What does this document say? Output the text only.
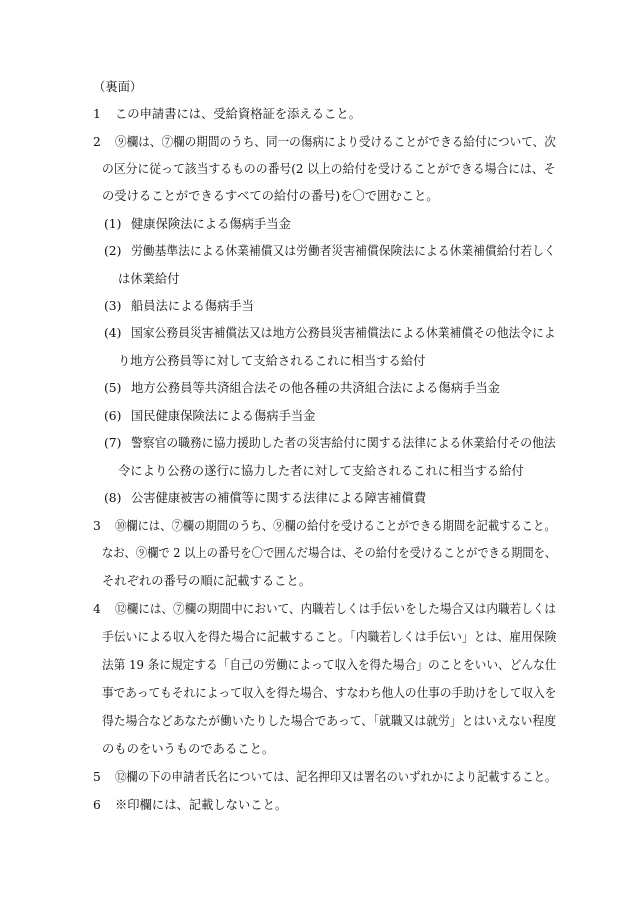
（裏面）
1 この申請書には、受給資格証を添えること。
2 ⑨欄は、⑦欄の期間のうち、同一の傷病により受けることができる給付について、次
の区分に従って該当するものの番号(2 以上の給付を受けることができる場合には、そ
の受けることができるすべての給付の番号)を〇で囲むこと。
(1) 健康保険法による傷病手当金
(2) 労働基準法による休業補償又は労働者災害補償保険法による休業補償給付若しく
は休業給付
(3) 船員法による傷病手当
(4) 国家公務員災害補償法又は地方公務員災害補償法による休業補償その他法令によ
り地方公務員等に対して支給されるこれに相当する給付
(5) 地方公務員等共済組合法その他各種の共済組合法による傷病手当金
(6) 国民健康保険法による傷病手当金
(7) 警察官の職務に協力援助した者の災害給付に関する法律による休業給付その他法
令により公務の遂行に協力した者に対して支給されるこれに相当する給付
(8) 公害健康被害の補償等に関する法律による障害補償費
3 ⑩欄には、⑦欄の期間のうち、⑨欄の給付を受けることができる期間を記載すること。
なお、⑨欄で 2 以上の番号を〇で囲んだ場合は、その給付を受けることができる期間を、
それぞれの番号の順に記載すること。
4 ⑫欄には、⑦欄の期間中において、内職若しくは手伝いをした場合又は内職若しくは
手伝いによる収入を得た場合に記載すること。「内職若しくは手伝い」とは、雇用保険
法第 19 条に規定する「自己の労働によって収入を得た場合」のことをいい、どんな仕
事であってもそれによって収入を得た場合、すなわち他人の仕事の手助けをして収入を
得た場合などあなたが働いたりした場合であって、「就職又は就労」とはいえない程度
のものをいうものであること。
5 ⑫欄の下の申請者氏名については、記名押印又は署名のいずれかにより記載すること。
6 ※印欄には、記載しないこと。
